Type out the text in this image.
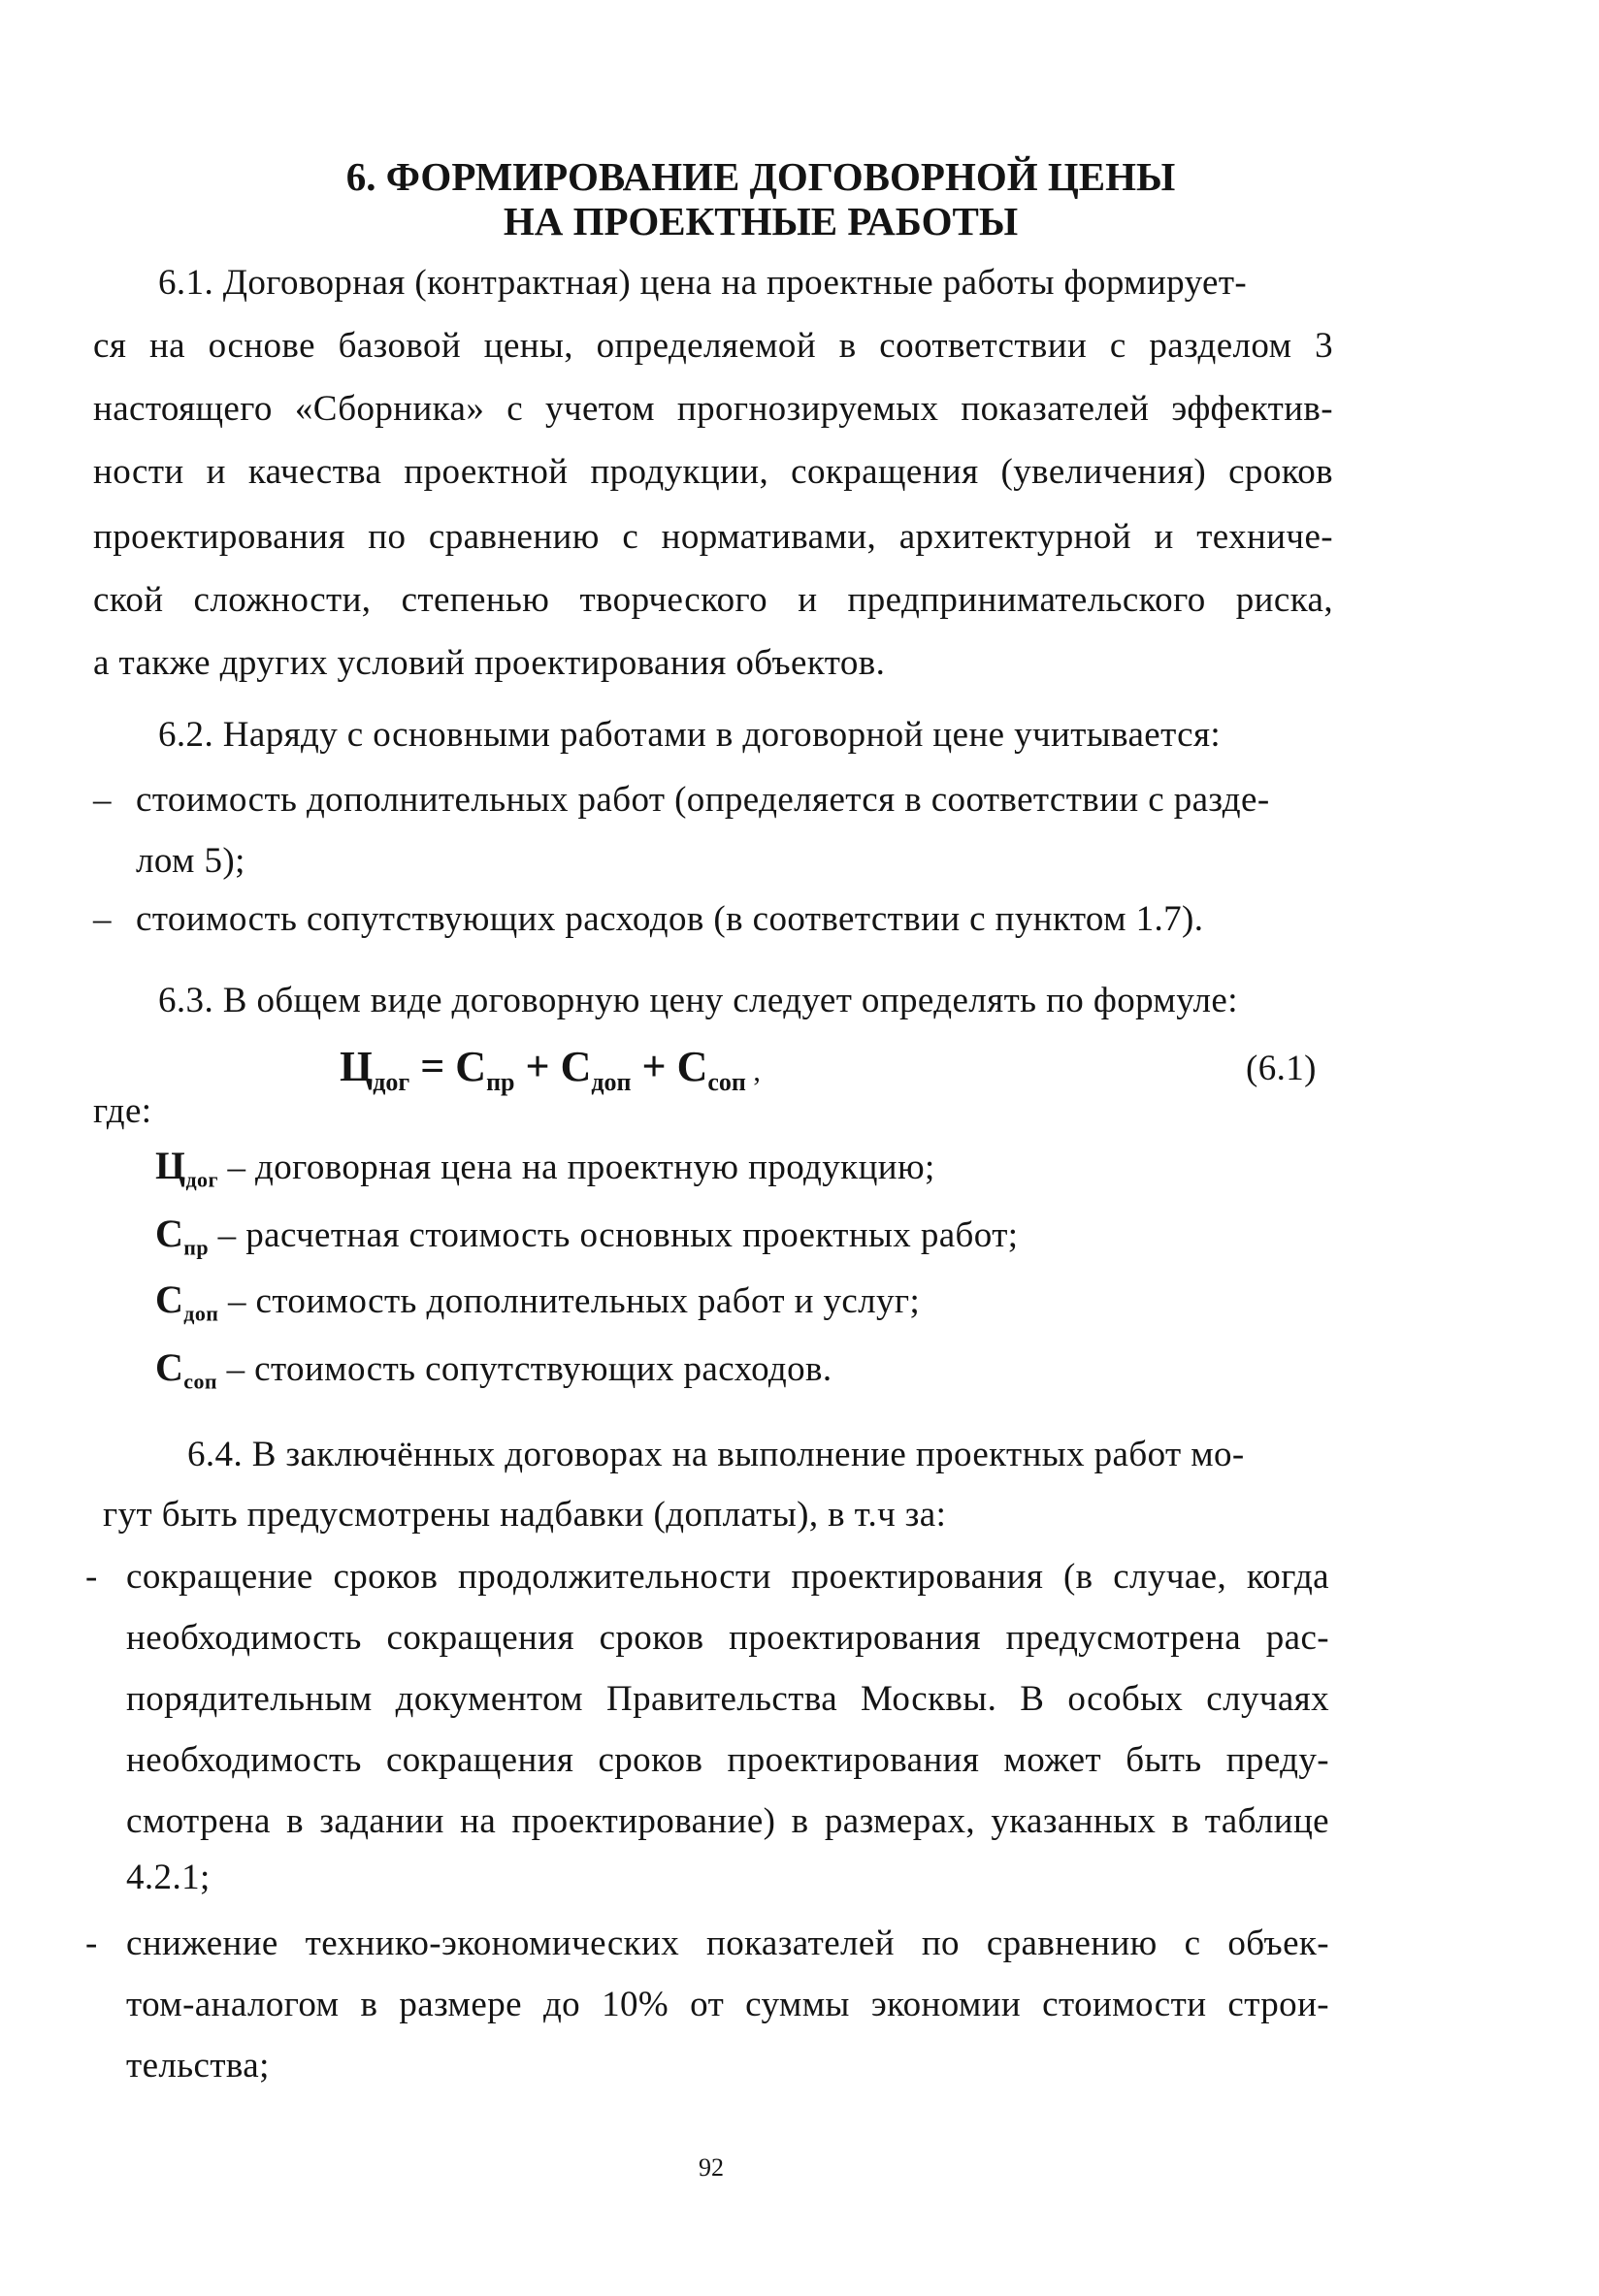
6. ФОРМИРОВАНИЕ ДОГОВОРНОЙ ЦЕНЫ
НА ПРОЕКТНЫЕ РАБОТЫ
6.1. Договорная (контрактная) цена на проектные работы формирует-
ся на основе базовой цены, определяемой в соответствии с разделом 3
настоящего «Сборника» с учетом прогнозируемых показателей эффектив-
ности и качества проектной продукции, сокращения (увеличения) сроков
проектирования по сравнению с нормативами, архитектурной и техниче-
ской сложности, степенью творческого и предпринимательского риска,
а также других условий проектирования объектов.
6.2. Наряду с основными работами в договорной цене учитывается:
– стоимость дополнительных работ (определяется в соответствии с разде-
лом 5);
– стоимость сопутствующих расходов (в соответствии с пунктом 1.7).
6.3. В общем виде договорную цену следует определять по формуле:
$Ц_{дог} = С_{пр} + С_{доп} + С_{соп}$ ,	(6.1)
где:
$Ц_{дог}$ – договорная цена на проектную продукцию;
$С_{пр}$ – расчетная стоимость основных проектных работ;
$С_{доп}$ – стоимость дополнительных работ и услуг;
$С_{соп}$ – стоимость сопутствующих расходов.
6.4. В заключённых договорах на выполнение проектных работ мо-
гут быть предусмотрены надбавки (доплаты), в т.ч за:
- сокращение сроков продолжительности проектирования (в случае, когда
необходимость сокращения сроков проектирования предусмотрена рас-
порядительным документом Правительства Москвы. В особых случаях
необходимость сокращения сроков проектирования может быть преду-
смотрена в задании на проектирование) в размерах, указанных в таблице
4.2.1;
- снижение технико-экономических показателей по сравнению с объек-
том-аналогом в размере до 10% от суммы экономии стоимости строи-
тельства;
92
